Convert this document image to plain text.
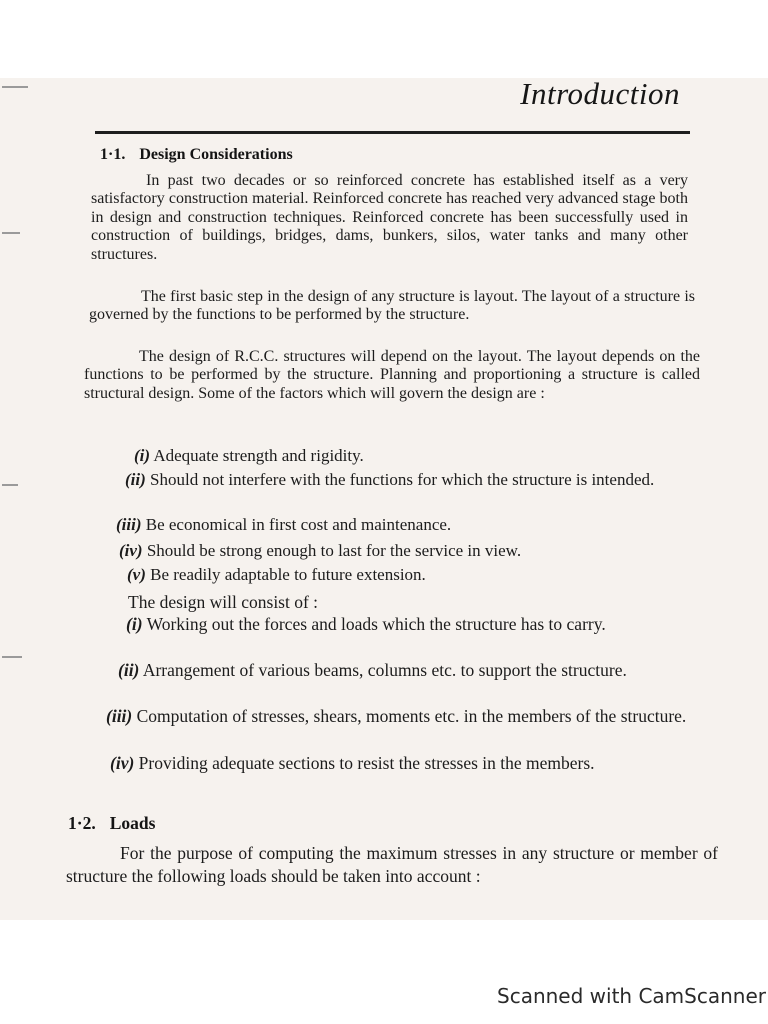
Introduction
1·1. Design Considerations

In past two decades or so reinforced concrete has established itself as a very satisfactory construction material. Reinforced concrete has reached very advanced stage both in design and construction techniques. Reinforced concrete has been successfully used in construction of buildings, bridges, dams, bunkers, silos, water tanks and many other structures.

The first basic step in the design of any structure is layout. The layout of a structure is governed by the functions to be performed by the structure.

The design of R.C.C. structures will depend on the layout. The layout depends on the functions to be performed by the structure. Planning and proportioning a structure is called structural design. Some of the factors which will govern the design are :

(i) Adequate strength and rigidity.
(ii) Should not interfere with the functions for which the structure is intended.
(iii) Be economical in first cost and maintenance.
(iv) Should be strong enough to last for the service in view.
(v) Be readily adaptable to future extension.
The design will consist of :
(i) Working out the forces and loads which the structure has to carry.
(ii) Arrangement of various beams, columns etc. to support the structure.
(iii) Computation of stresses, shears, moments etc. in the members of the structure.
(iv) Providing adequate sections to resist the stresses in the members.
1·2. Loads

For the purpose of computing the maximum stresses in any structure or member of structure the following loads should be taken into account :

Scanned with CamScanner
